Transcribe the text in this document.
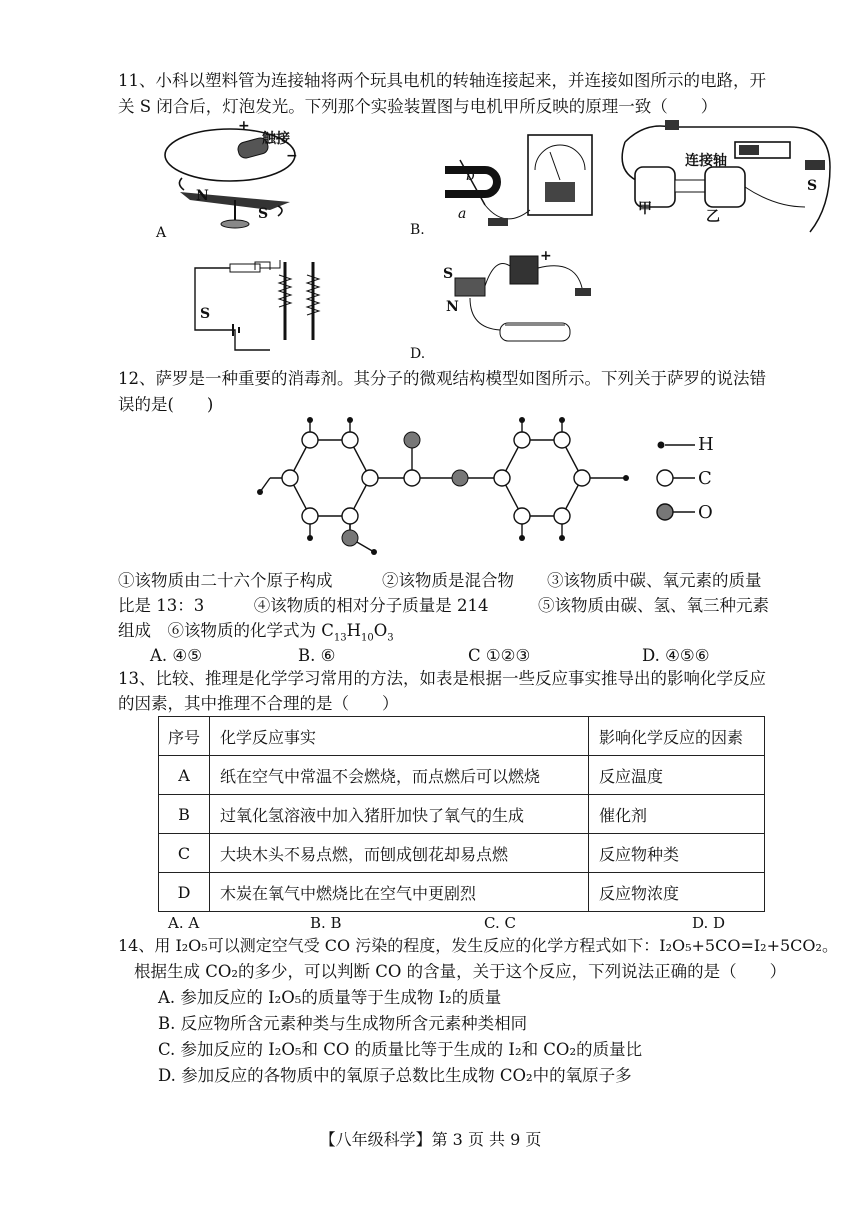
11、小科以塑料管为连接轴将两个玩具电机的转轴连接起来，并连接如图所示的电路，开
关 S 闭合后，灯泡发光。下列那个实验装置图与电机甲所反映的原理一致（　　）
+
触接
−
N
S
A
b
a
B.
连接轴
甲	乙
S
S
S
N
+
D.
12、萨罗是一种重要的消毒剂。其分子的微观结构模型如图所示。下列关于萨罗的说法错
误的是(　　)
H
C
O
①该物质由二十六个原子构成　　　②该物质是混合物　　③该物质中碳、氧元素的质量
比是 13：3　　　④该物质的相对分子质量是 214　　　⑤该物质由碳、氢、氧三种元素
组成　⑥该物质的化学式为 $C_{13}H_{10}O_3$
A. ④⑤	B. ⑥	C ①②③	D. ④⑤⑥
13、比较、推理是化学学习常用的方法，如表是根据一些反应事实推导出的影响化学反应
的因素，其中推理不合理的是（　　）
序号	化学反应事实	影响化学反应的因素
A	纸在空气中常温不会燃烧，而点燃后可以燃烧	反应温度
B	过氧化氢溶液中加入猪肝加快了氧气的生成	催化剂
C	大块木头不易点燃，而刨成刨花却易点燃	反应物种类
D	木炭在氧气中燃烧比在空气中更剧烈	反应物浓度
A. A	B. B	C. C	D. D
14、用 I₂O₅可以测定空气受 CO 污染的程度，发生反应的化学方程式如下：I₂O₅+5CO=I₂+5CO₂。
根据生成 CO₂的多少，可以判断 CO 的含量，关于这个反应，下列说法正确的是（　　）
A. 参加反应的 I₂O₅的质量等于生成物 I₂的质量
B. 反应物所含元素种类与生成物所含元素种类相同
C. 参加反应的 I₂O₅和 CO 的质量比等于生成的 I₂和 CO₂的质量比
D. 参加反应的各物质中的氧原子总数比生成物 CO₂中的氧原子多
【八年级科学】第 3 页 共 9 页
